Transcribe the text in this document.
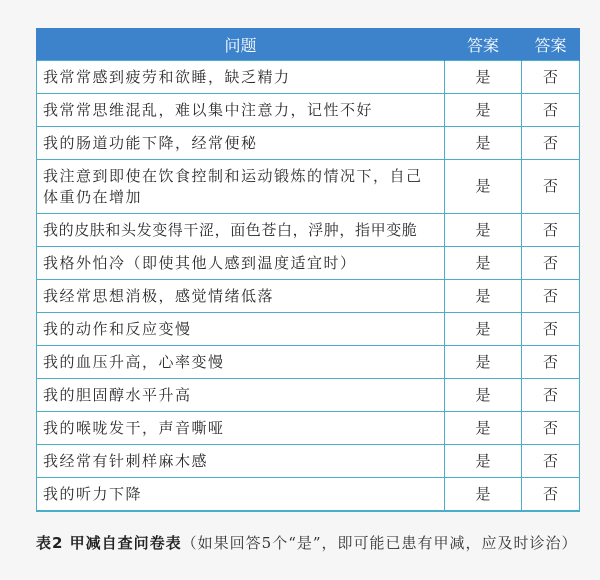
问题	答案	答案
我常常感到疲劳和欲睡，缺乏精力	是	否
我常常思维混乱，难以集中注意力，记性不好	是	否
我的肠道功能下降，经常便秘	是	否
我注意到即使在饮食控制和运动锻炼的情况下，自己体重仍在增加	是	否
我的皮肤和头发变得干涩，面色苍白，浮肿，指甲变脆	是	否
我格外怕冷（即使其他人感到温度适宜时）	是	否
我经常思想消极，感觉情绪低落	是	否
我的动作和反应变慢	是	否
我的血压升高，心率变慢	是	否
我的胆固醇水平升高	是	否
我的喉咙发干，声音嘶哑	是	否
我经常有针刺样麻木感	是	否
我的听力下降	是	否
表2 甲减自查问卷表（如果回答5个“是”，即可能已患有甲减，应及时诊治）
